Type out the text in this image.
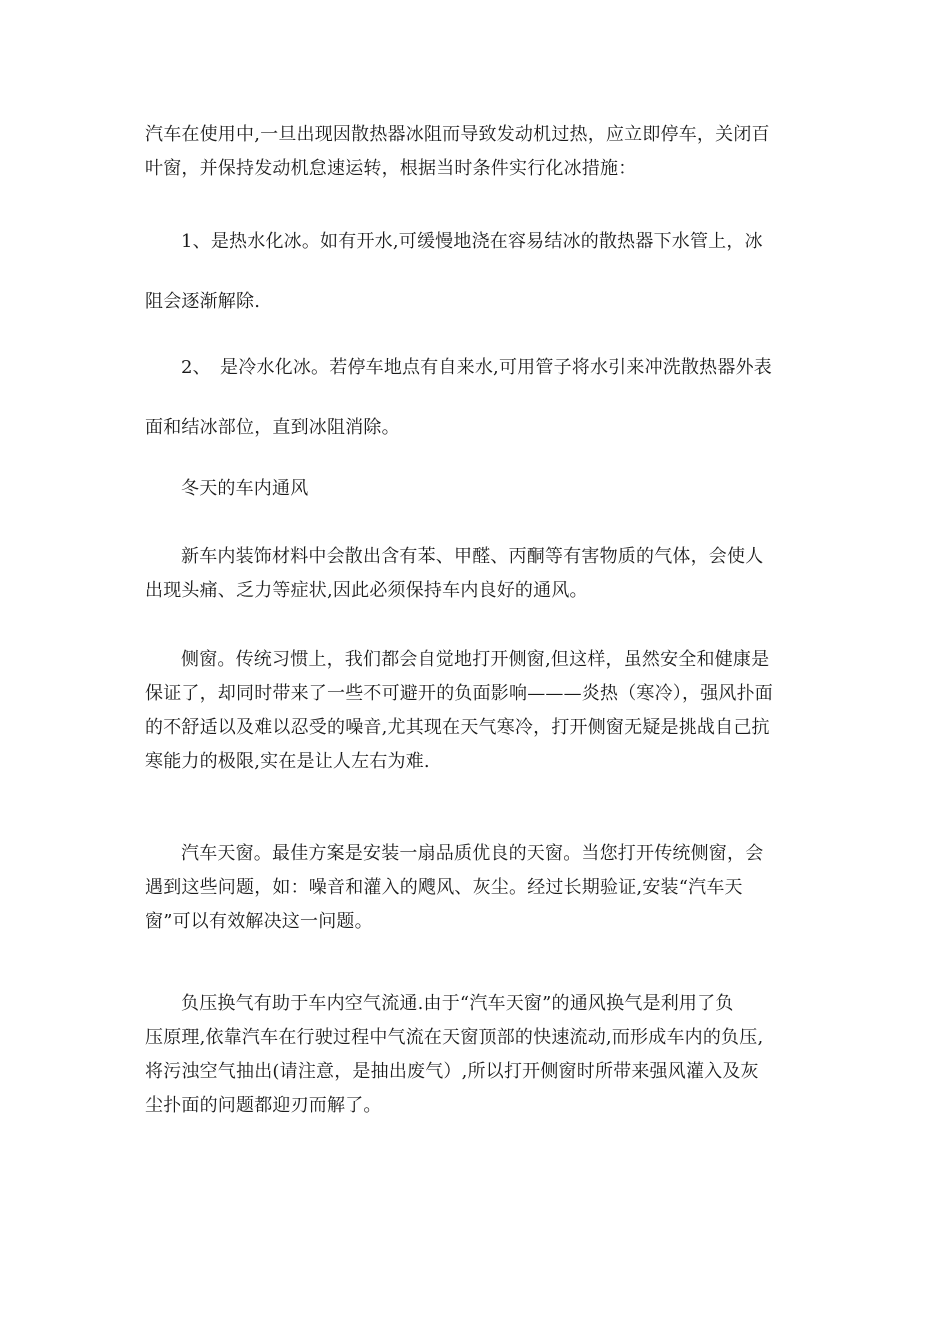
汽车在使用中,一旦出现因散热器冰阻而导致发动机过热，应立即停车，关闭百
叶窗，并保持发动机怠速运转，根据当时条件实行化冰措施：

1、是热水化冰。如有开水,可缓慢地浇在容易结冰的散热器下水管上，冰
阻会逐渐解除.

2、　是冷水化冰。若停车地点有自来水,可用管子将水引来冲洗散热器外表
面和结冰部位，直到冰阻消除。

冬天的车内通风

新车内装饰材料中会散出含有苯、甲醛、丙酮等有害物质的气体，会使人
出现头痛、乏力等症状,因此必须保持车内良好的通风。

侧窗。传统习惯上，我们都会自觉地打开侧窗,但这样，虽然安全和健康是
保证了，却同时带来了一些不可避开的负面影响———炎热（寒冷），强风扑面
的不舒适以及难以忍受的噪音,尤其现在天气寒冷，打开侧窗无疑是挑战自己抗
寒能力的极限,实在是让人左右为难.

汽车天窗。最佳方案是安装一扇品质优良的天窗。当您打开传统侧窗，会
遇到这些问题，如：噪音和灌入的飕风、灰尘。经过长期验证,安装“汽车天
窗”可以有效解决这一问题。

负压换气有助于车内空气流通.由于“汽车天窗”的通风换气是利用了负
压原理,依靠汽车在行驶过程中气流在天窗顶部的快速流动,而形成车内的负压,
将污浊空气抽出(请注意，是抽出废气）,所以打开侧窗时所带来强风灌入及灰
尘扑面的问题都迎刃而解了。
